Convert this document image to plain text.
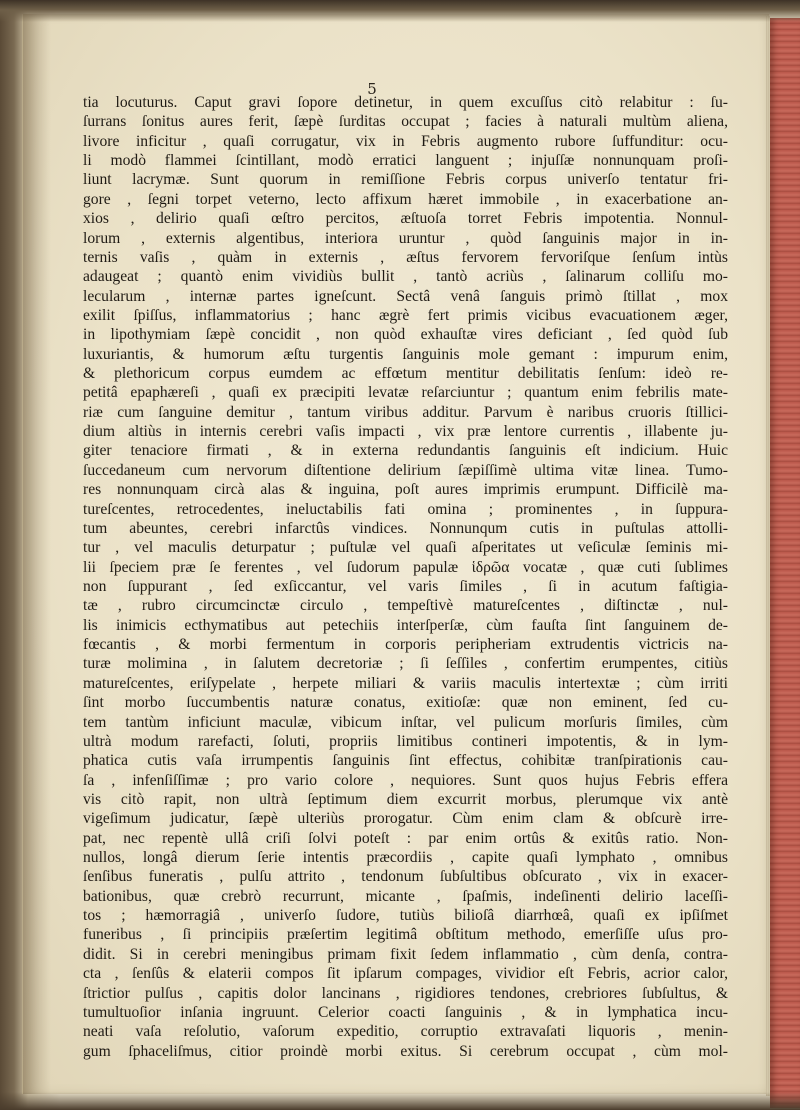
5
tia locuturus. Caput gravi ſopore detinetur, in quem excuſſus citò relabitur : ſu-
ſurrans ſonitus aures ferit, ſæpè ſurditas occupat ; facies à naturali multùm aliena,
livore inficitur , quaſi corrugatur, vix in Febris augmento rubore ſuffunditur: ocu-
li modò flammei ſcintillant, modò erratici languent ; injuſſæ nonnunquam proſi-
liunt lacrymæ. Sunt quorum in remiſſione Febris corpus univerſo tentatur fri-
gore , ſegni torpet veterno, lecto affixum hæret immobile , in exacerbatione an-
xios , delirio quaſi œſtro percitos, æſtuoſa torret Febris impotentia. Nonnul-
lorum , externis algentibus, interiora uruntur , quòd ſanguinis major in in-
ternis vaſis , quàm in externis , æſtus fervorem fervoriſque ſenſum intùs
adaugeat ; quantò enim vividiùs bullit , tantò acriùs , ſalinarum colliſu mo-
lecularum , internæ partes igneſcunt. Sectâ venâ ſanguis primò ſtillat , mox
exilit ſpiſſus, inflammatorius ; hanc ægrè fert primis vicibus evacuationem æger,
in lipothymiam ſæpè concidit , non quòd exhauſtæ vires deficiant , ſed quòd ſub
luxuriantis, & humorum æſtu turgentis ſanguinis mole gemant : impurum enim,
& plethoricum corpus eumdem ac effœtum mentitur debilitatis ſenſum: ideò re-
petitâ epaphæreſi , quaſi ex præcipiti levatæ reſarciuntur ; quantum enim febrilis mate-
riæ cum ſanguine demitur , tantum viribus additur. Parvum è naribus cruoris ſtillici-
dium altiùs in internis cerebri vaſis impacti , vix præ lentore currentis , illabente ju-
giter tenaciore firmati , & in externa redundantis ſanguinis eſt indicium. Huic
ſuccedaneum cum nervorum diſtentione delirium ſæpiſſimè ultima vitæ linea. Tumo-
res nonnunquam circà alas & inguina, poſt aures imprimis erumpunt. Difficilè ma-
tureſcentes, retrocedentes, ineluctabilis fati omina ; prominentes , in ſuppura-
tum abeuntes, cerebri infarctûs vindices. Nonnunqum cutis in puſtulas attolli-
tur , vel maculis deturpatur ; puſtulæ vel quaſi aſperitates ut veſiculæ ſeminis mi-
lii ſpeciem præ ſe ferentes , vel ſudorum papulæ ἱδρῶα vocatæ , quæ cuti ſublimes
non ſuppurant , ſed exſiccantur, vel varis ſimiles , ſi in acutum faſtigia-
tæ , rubro circumcinctæ circulo , tempeſtivè matureſcentes , diſtinctæ , nul-
lis inimicis ecthymatibus aut petechiis interſperſæ, cùm fauſta ſint ſanguinem de-
fœcantis , & morbi fermentum in corporis peripheriam extrudentis victricis na-
turæ molimina , in ſalutem decretoriæ ; ſi ſeſſiles , confertim erumpentes, citiùs
matureſcentes, eriſypelate , herpete miliari & variis maculis intertextæ ; cùm irriti
ſint morbo ſuccumbentis naturæ conatus, exitioſæ: quæ non eminent, ſed cu-
tem tantùm inficiunt maculæ, vibicum inſtar, vel pulicum morſuris ſimiles, cùm
ultrà modum rarefacti, ſoluti, propriis limitibus contineri impotentis, & in lym-
phatica cutis vaſa irrumpentis ſanguinis ſint effectus, cohibitæ tranſpirationis cau-
ſa , infenſiſſimæ ; pro vario colore , nequiores. Sunt quos hujus Febris effera
vis citò rapit, non ultrà ſeptimum diem excurrit morbus, plerumque vix antè
vigeſimum judicatur, ſæpè ulteriùs prorogatur. Cùm enim clam & obſcurè irre-
pat, nec repentè ullâ criſi ſolvi poteſt : par enim ortûs & exitûs ratio. Non-
nullos, longâ dierum ſerie intentis præcordiis , capite quaſi lymphato , omnibus
ſenſibus funeratis , pulſu attrito , tendonum ſubſultibus obſcurato , vix in exacer-
bationibus, quæ crebrò recurrunt, micante , ſpaſmis, indeſinenti delirio laceſſi-
tos ; hæmorragiâ , univerſo ſudore, tutiùs bilioſâ diarrhœâ, quaſi ex ipſiſmet
funeribus , ſi principiis præſertim legitimâ obſtitum methodo, emerſiſſe uſus pro-
didit. Si in cerebri meningibus primam fixit ſedem inflammatio , cùm denſa, contra-
cta , ſenſûs & elaterii compos ſit ipſarum compages, vividior eſt Febris, acrior calor,
ſtrictior pulſus , capitis dolor lancinans , rigidiores tendones, crebriores ſubſultus, &
tumultuoſior inſania ingruunt. Celerior coacti ſanguinis , & in lymphatica incu-
neati vaſa reſolutio, vaſorum expeditio, corruptio extravaſati liquoris , menin-
gum ſphaceliſmus, citior proindè morbi exitus. Si cerebrum occupat , cùm mol-
